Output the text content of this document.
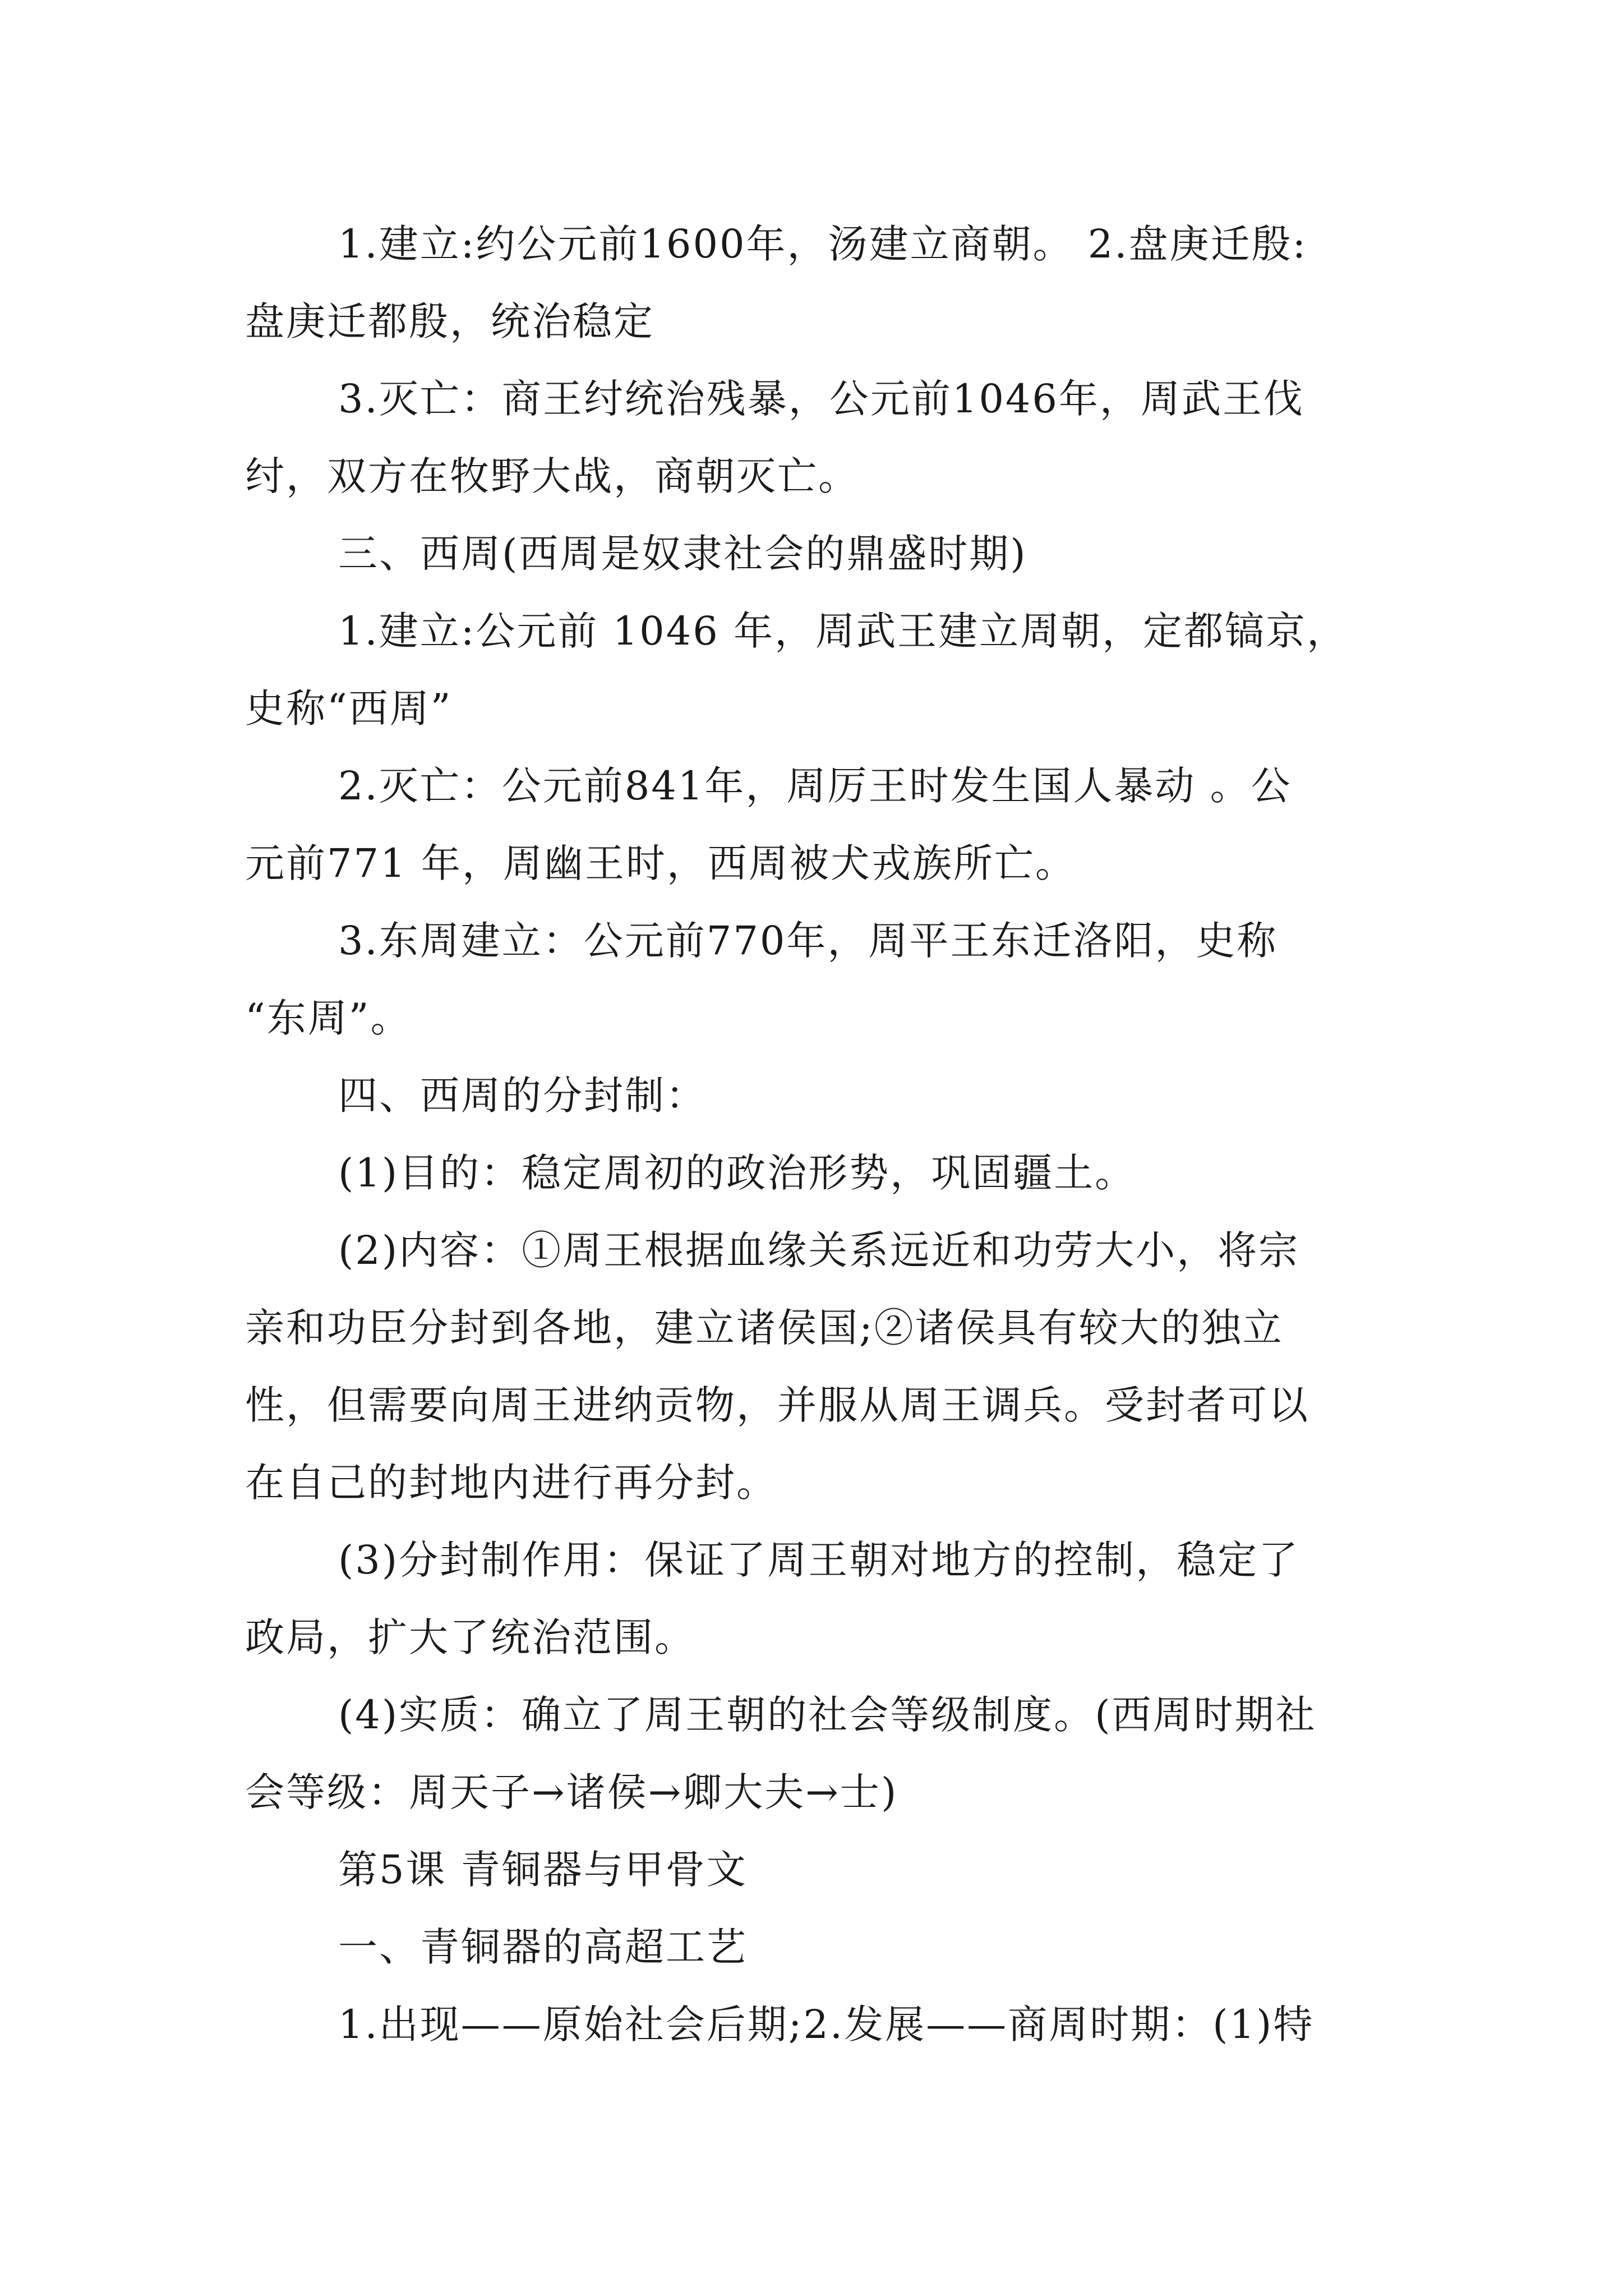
1.建立:约公元前1600年，汤建立商朝。 2.盘庚迁殷:
盘庚迁都殷，统治稳定
3.灭亡：商王纣统治残暴，公元前1046年，周武王伐
纣，双方在牧野大战，商朝灭亡。
三、西周(西周是奴隶社会的鼎盛时期)
1.建立:公元前 1046 年，周武王建立周朝，定都镐京，
史称“西周”
2.灭亡：公元前841年，周厉王时发生国人暴动 。公
元前771 年，周幽王时，西周被犬戎族所亡。
3.东周建立：公元前770年，周平王东迁洛阳，史称
“东周”。
四、西周的分封制：
(1)目的：稳定周初的政治形势，巩固疆土。
(2)内容：①周王根据血缘关系远近和功劳大小，将宗
亲和功臣分封到各地，建立诸侯国;②诸侯具有较大的独立
性，但需要向周王进纳贡物，并服从周王调兵。受封者可以
在自己的封地内进行再分封。
(3)分封制作用：保证了周王朝对地方的控制，稳定了
政局，扩大了统治范围。
(4)实质：确立了周王朝的社会等级制度。(西周时期社
会等级：周天子→诸侯→卿大夫→士)
第5课 青铜器与甲骨文
一、青铜器的高超工艺
1.出现——原始社会后期;2.发展——商周时期：(1)特
